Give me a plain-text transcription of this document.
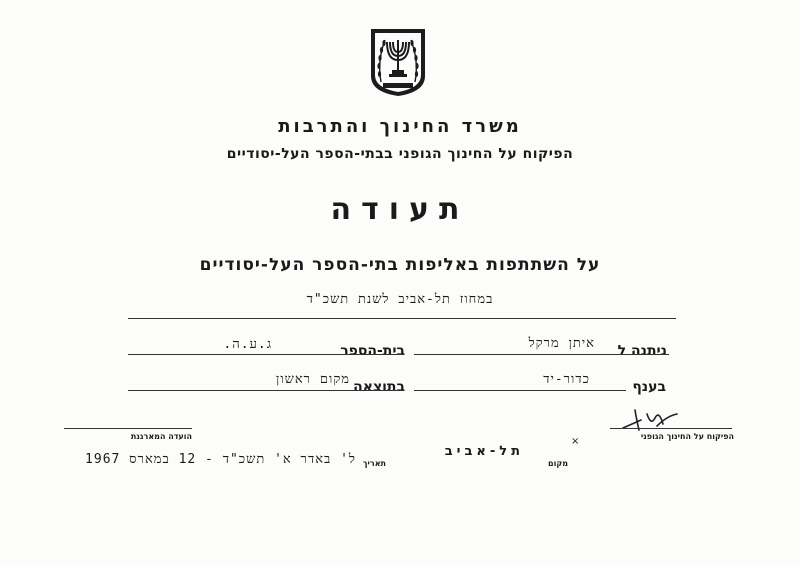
משרד החינוך והתרבות
הפיקוח על החינוך הגופני בבתי-הספר העל-יסודיים
תעודה
על השתתפות באליפות בתי-הספר העל-יסודיים
במחוז תל-אביב לשנת תשכ"ד
ניתנה ל
איתן מרקל
בית-הספר
ג.ע.ה.
בענף
כדור-יד
בתוצאה
מקום ראשון
הפיקוח על החינוך הגופני
הועדה המארגנת
תל-אביב
מקום
תאריך
ל' באדר א' תשכ"ד - 12 במארס 1967
×
